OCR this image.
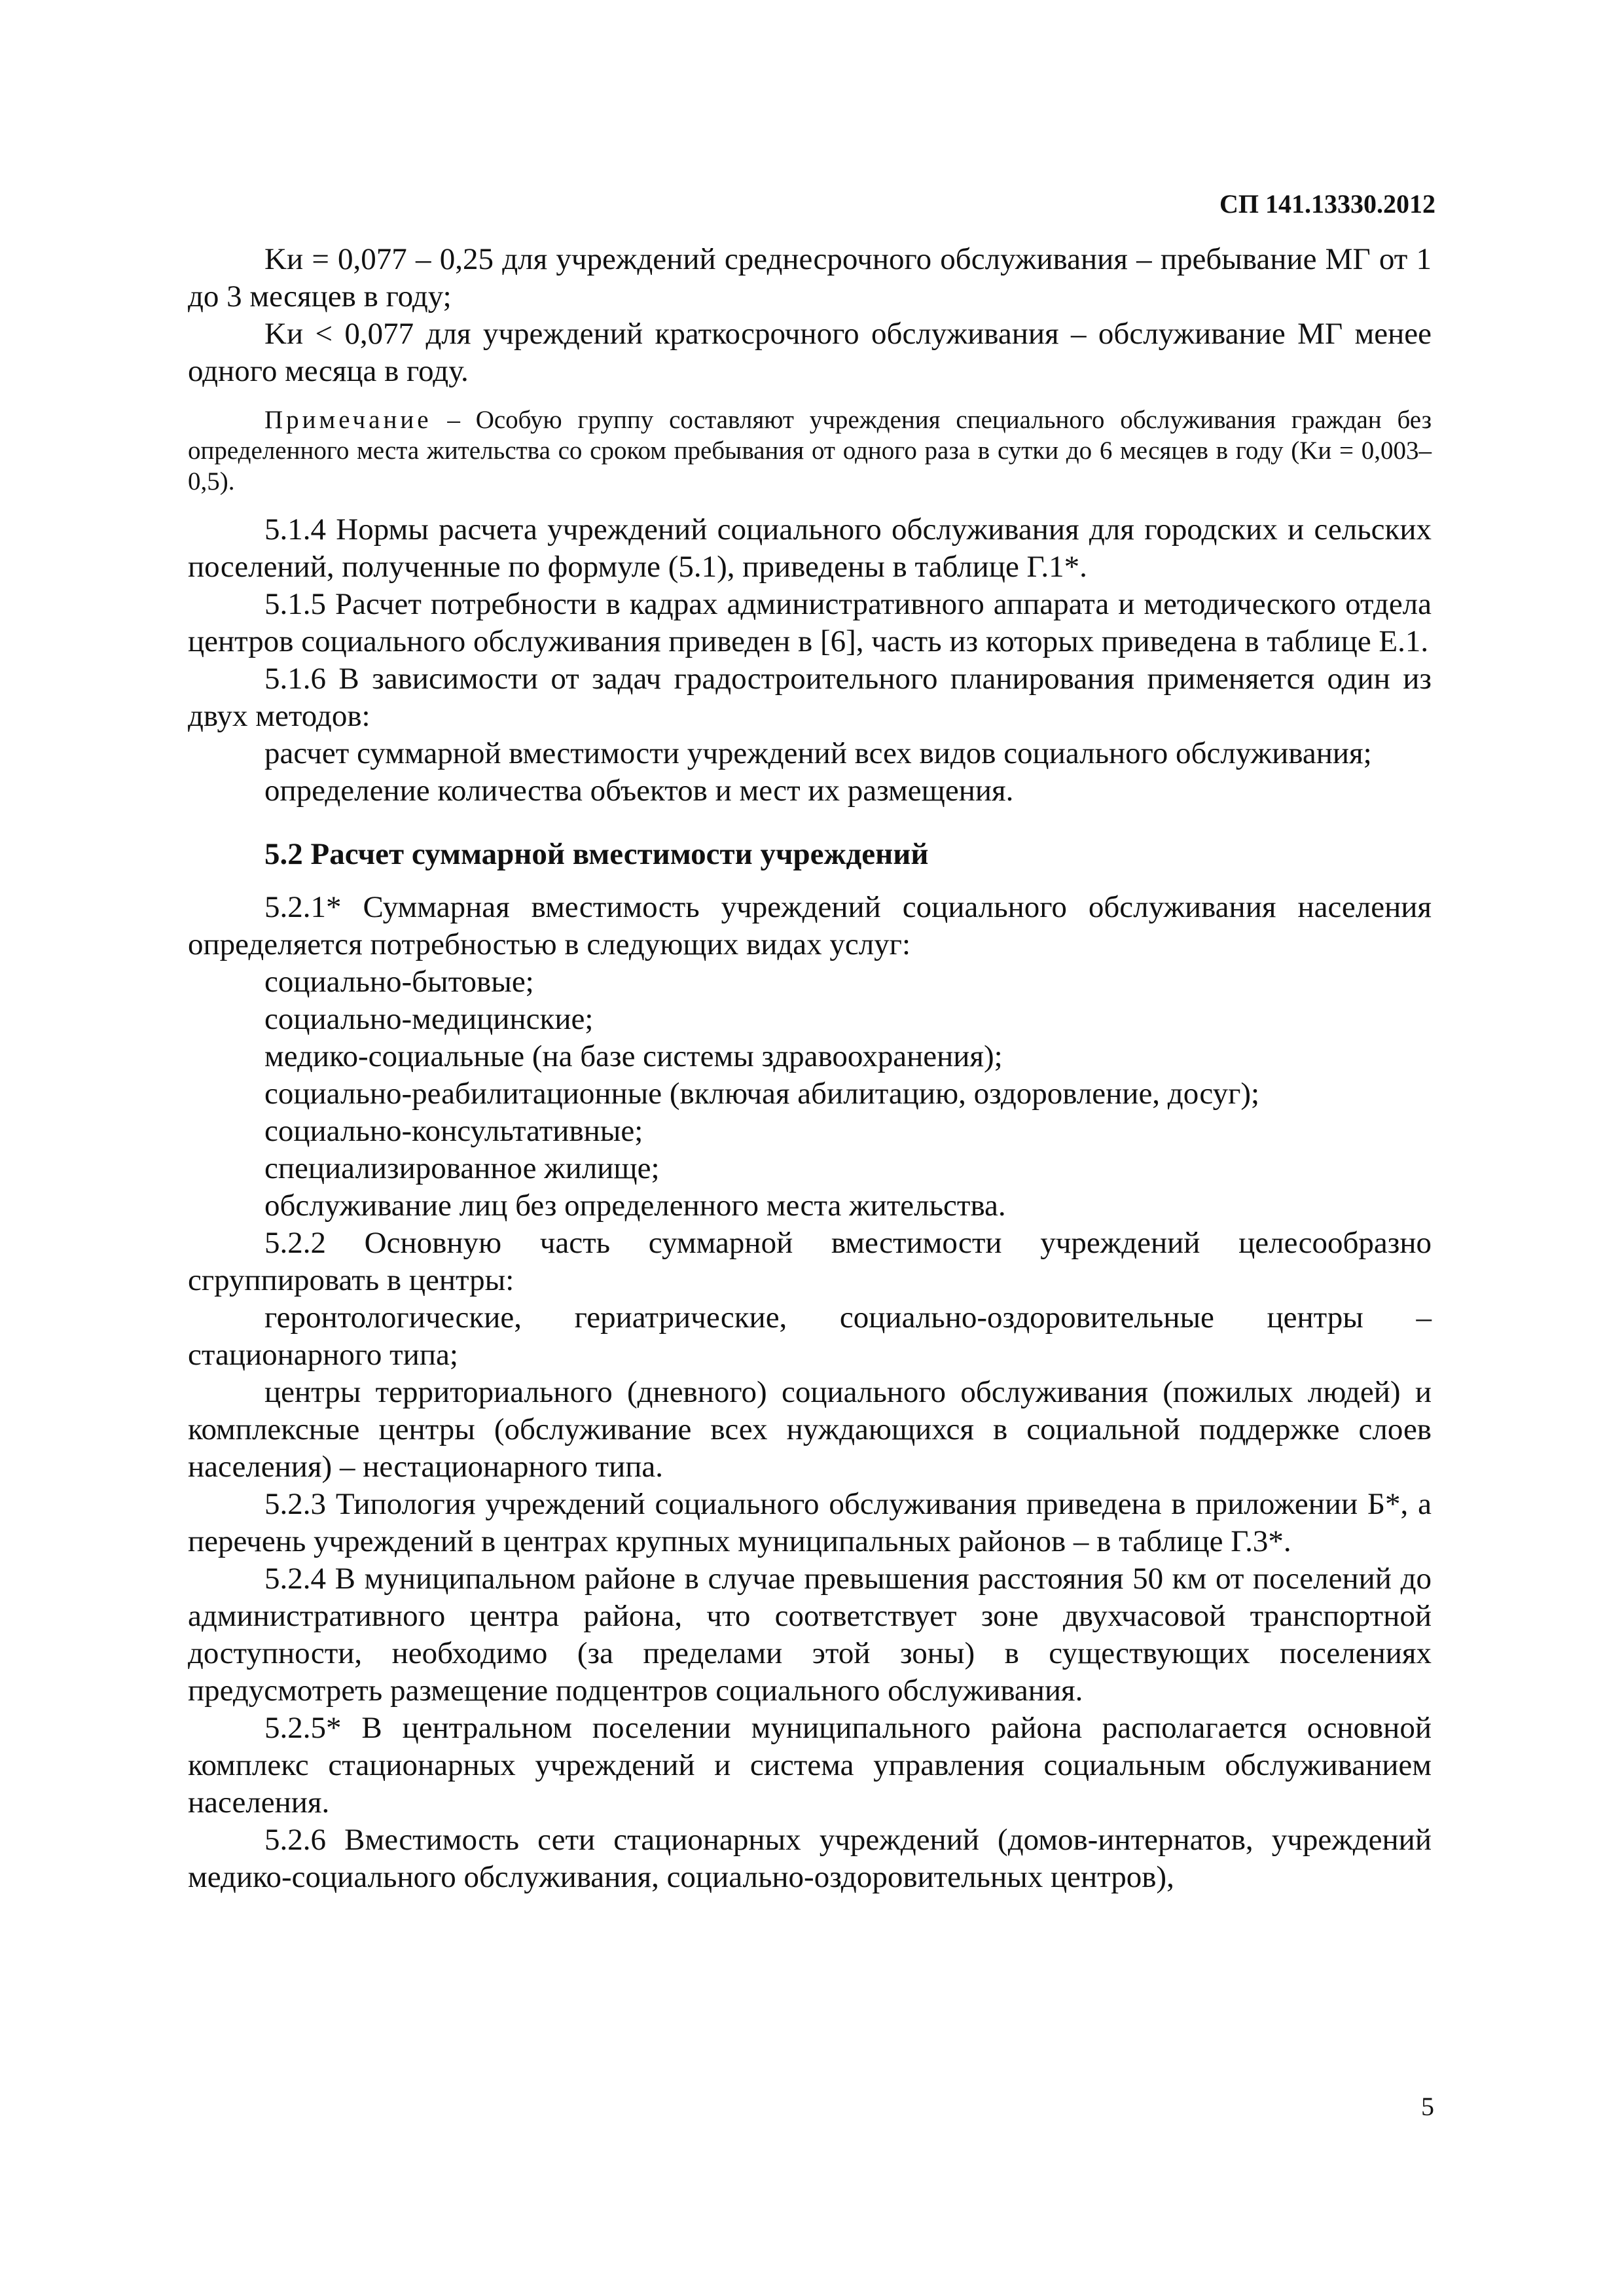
СП 141.13330.2012

Kи = 0,077 – 0,25 для учреждений среднесрочного обслуживания – пребывание МГ от 1 до 3 месяцев в году;

Kи < 0,077 для учреждений краткосрочного обслуживания – обслуживание МГ менее одного месяца в году.

Примечание – Особую группу составляют учреждения специального обслуживания граждан без определенного места жительства со сроком пребывания от одного раза в сутки до 6 месяцев в году (Kи = 0,003–0,5).

5.1.4 Нормы расчета учреждений социального обслуживания для городских и сельских поселений, полученные по формуле (5.1), приведены в таблице Г.1*.

5.1.5 Расчет потребности в кадрах административного аппарата и методического отдела центров социального обслуживания приведен в [6], часть из которых приведена в таблице Е.1.

5.1.6 В зависимости от задач градостроительного планирования применяется один из двух методов:

расчет суммарной вместимости учреждений всех видов социального обслуживания;

определение количества объектов и мест их размещения.

5.2 Расчет суммарной вместимости учреждений

5.2.1* Суммарная вместимость учреждений социального обслуживания населения определяется потребностью в следующих видах услуг:

социально-бытовые;

социально-медицинские;

медико-социальные (на базе системы здравоохранения);

социально-реабилитационные (включая абилитацию, оздоровление, досуг);

социально-консультативные;

специализированное жилище;

обслуживание лиц без определенного места жительства.

5.2.2 Основную часть суммарной вместимости учреждений целесообразно сгруппировать в центры:

геронтологические, гериатрические, социально-оздоровительные центры – стационарного типа;

центры территориального (дневного) социального обслуживания (пожилых людей) и комплексные центры (обслуживание всех нуждающихся в социальной поддержке слоев населения) – нестационарного типа.

5.2.3 Типология учреждений социального обслуживания приведена в приложении Б*, а перечень учреждений в центрах крупных муниципальных районов – в таблице Г.3*.

5.2.4 В муниципальном районе в случае превышения расстояния 50 км от поселений до административного центра района, что соответствует зоне двухчасовой транспортной доступности, необходимо (за пределами этой зоны) в существующих поселениях предусмотреть размещение подцентров социального обслуживания.

5.2.5* В центральном поселении муниципального района располагается основной комплекс стационарных учреждений и система управления социальным обслуживанием населения.

5.2.6 Вместимость сети стационарных учреждений (домов-интернатов, учреждений медико-социального обслуживания, социально-оздоровительных центров),

5
